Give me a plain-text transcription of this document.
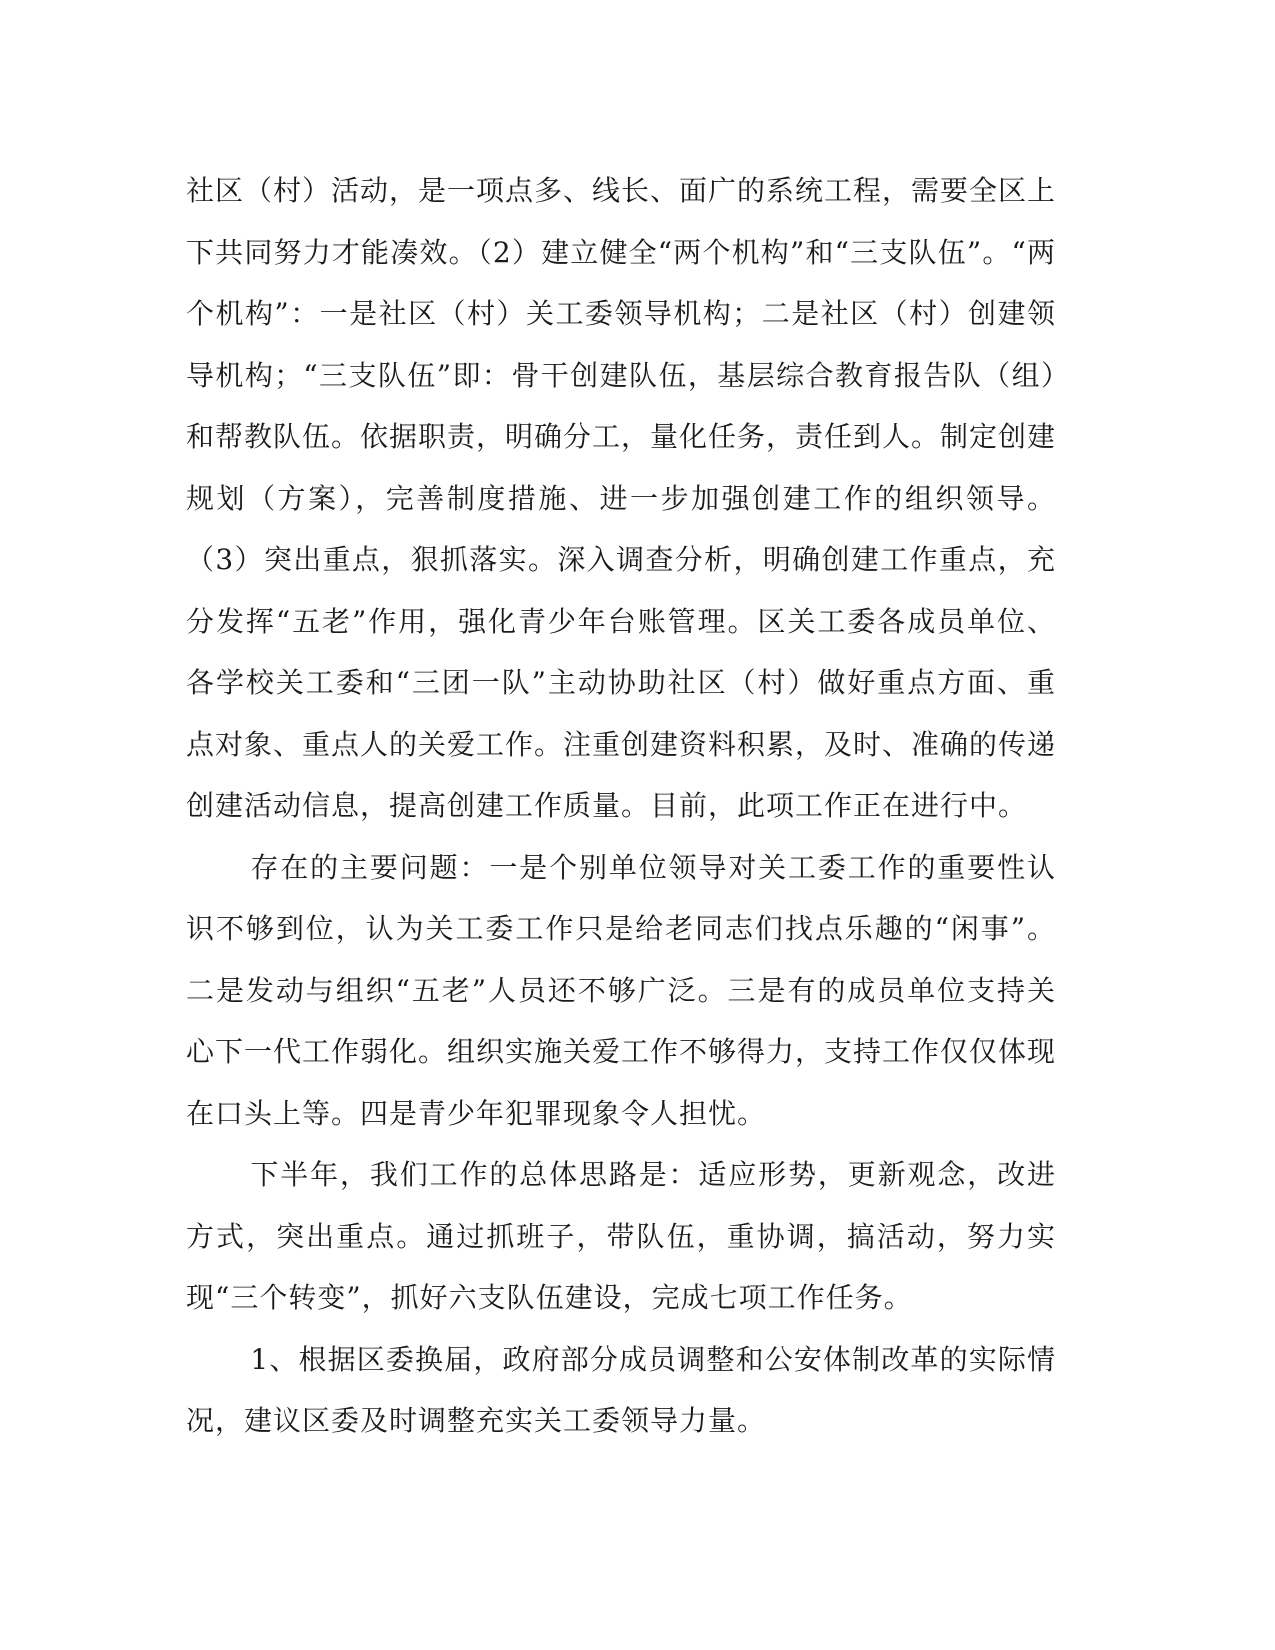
社区（村）活动，是一项点多、线长、面广的系统工程，需要全区上下共同努力才能凑效。（2）建立健全“两个机构”和“三支队伍”。“两个机构”：一是社区（村）关工委领导机构；二是社区（村）创建领导机构；“三支队伍”即：骨干创建队伍，基层综合教育报告队（组）和帮教队伍。依据职责，明确分工，量化任务，责任到人。制定创建规划（方案），完善制度措施、进一步加强创建工作的组织领导。（3）突出重点，狠抓落实。深入调查分析，明确创建工作重点，充分发挥“五老”作用，强化青少年台账管理。区关工委各成员单位、各学校关工委和“三团一队”主动协助社区（村）做好重点方面、重点对象、重点人的关爱工作。注重创建资料积累，及时、准确的传递创建活动信息，提高创建工作质量。目前，此项工作正在进行中。

存在的主要问题：一是个别单位领导对关工委工作的重要性认识不够到位，认为关工委工作只是给老同志们找点乐趣的“闲事”。二是发动与组织“五老”人员还不够广泛。三是有的成员单位支持关心下一代工作弱化。组织实施关爱工作不够得力，支持工作仅仅体现在口头上等。四是青少年犯罪现象令人担忧。

下半年，我们工作的总体思路是：适应形势，更新观念，改进方式，突出重点。通过抓班子，带队伍，重协调，搞活动，努力实现“三个转变”，抓好六支队伍建设，完成七项工作任务。

1、根据区委换届，政府部分成员调整和公安体制改革的实际情况，建议区委及时调整充实关工委领导力量。
